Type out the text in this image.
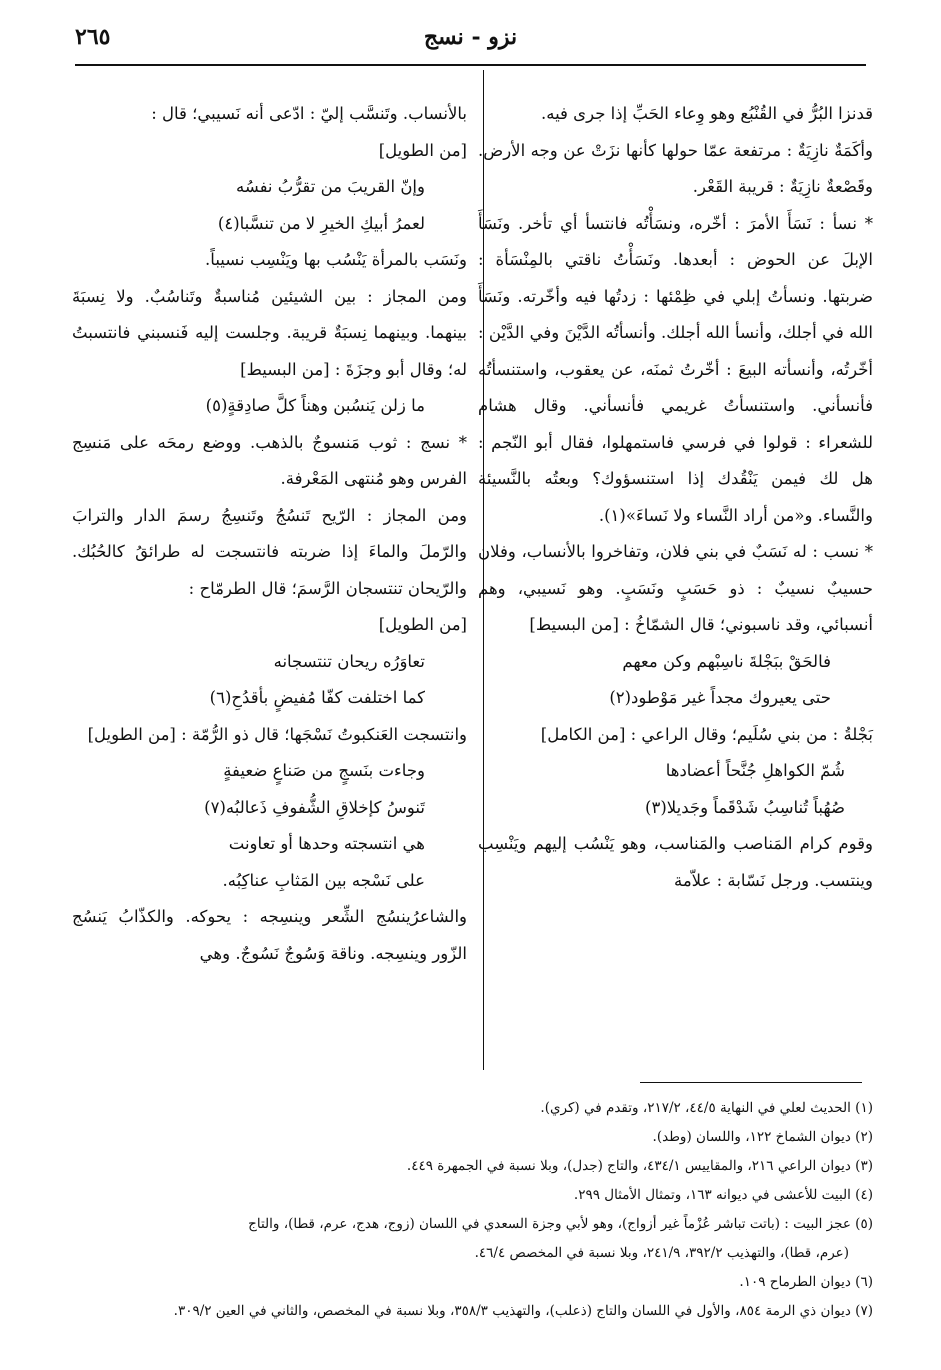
٢٦٥	نزو - نسج

قدنزا البُرُّ في القُنْبُع وهو وِعاء الحَبِّ إذا جرى فيه.

وأكَمَةٌ نازِيَةٌ : مرتفعة عمّا حولها كأنها نزَتْ عن وجه الأرض. وقَصْعةٌ نازِيَةٌ : قريبة القَعْر.

* نسأ : نَسَأَ الأمرَ : أخّره، ونسَأْتُه فانتسأ أي تأخر. ونَسَأَ الإبلَ عن الحوض : أبعدها. ونَسَأْتُ ناقتي بالمِنْسَأة : ضربتها. ونسأتُ إبلي في ظِمْئها : زدتُها فيه وأخّرته. ونَسَأَ الله في أجلك، وأنسأ الله أجلك. وأنسأتُه الدَّيْنَ وفي الدَّيْن : أخّرتُه، وأنسأته البيعَ : أخّرتُ ثمنَه، عن يعقوب، واستنسأتُه فأنسأني. واستنسأتُ غريمي فأنسأني. وقال هشام للشعراء : قولوا في فرسي فاستمهلوا، فقال أبو النّجم : هل لك فيمن يَنْقُدك إذا استنسؤوك؟ وبعتُه بالنَّسيئة والنَّساء. و«من أراد النَّساء ولا نَساءَ»(١).

* نسب : له نَسَبٌ في بني فلان، وتفاخروا بالأنساب، وفلان حسيبٌ نسيبٌ : ذو حَسَبٍ ونَسَبٍ. وهو نَسيبي، وهم أنسبائي، وقد ناسبوني؛ قال الشمّاخُ : [من البسيط]

فالحَقْ ببَجْلةَ ناسِبْهم وكن معهم

حتى يعيروك مجداً غير مَوْطود(٢)

بَجْلةُ : من بني سُلَيم؛ وقال الراعي : [من الكامل]

شُمّ الكواهلِ جُنَّحاً أعضادها

صُهُباً تُناسِبُ شَدْقَماً وجَديلا(٣)

وقوم كرام المَناصب والمَناسب، وهو يَنْسُب إليهم ويَنْسِب وينتسب. ورجل نَسّابة : علاّمة

بالأنساب. وتَنسَّب إليّ : ادّعى أنه نَسيبي؛ قال :

[من الطويل]

وإنّ القريبَ من تقرُّبُ نفسُه

لعمرُ أبيكِ الخيرِ لا من تنسَّبا(٤)

ونَسَب بالمرأة يَنْسُب بها ويَنْسِب نسيباً.

ومن المجاز : بين الشيئين مُناسبةٌ وتَناسُبٌ. ولا نِسبَةَ بينهما. وبينهما نِسبَةٌ قريبة. وجلست إليه فَنسبني فانتسبتُ له؛ وقال أبو وجزَةَ : [من البسيط]

ما زلن يَنسُبن وهناً كلَّ صادِقةٍ(٥)

* نسج : ثوب مَنسوجٌ بالذهب. ووضع رمحَه على مَنسِج الفرس وهو مُنتهى المَعْرفة.

ومن المجاز : الرّيح تَنسُجُ وتَنسِجُ رسمَ الدار والترابَ والرّملَ والماءَ إذا ضربته فانتسجت له طرائقُ كالحُبُك. والرّيحان تنتسجان الرَّسمَ؛ قال الطرمّاح :

[من الطويل]

تعاوَرُه ريحان تنتسجانه

كما اختلفت كفّا مُفيضٍ بأقدُحِ(٦)

وانتسجت العَنكبوتُ نَسْجَها؛ قال ذو الرُّمّة : [من الطويل]

وجاءت بنَسجٍ من صَناعٍ ضعيفةٍ

تَنوسُ كإخلاقِ الشُّفوفِ ذَعالبُه(٧)

هي انتسجته وحدها أو تعاونت

على نَسْجه بين المَثابِ عناكِبُه.

والشاعرُينسُج الشِّعر وينسِجه : يحوكه. والكذّابُ يَنسُج الزّور وينسِجه. وناقة وَسُوجٌ نَسُوجٌ. وهي

(١) الحديث لعلي في النهاية ٤٤/٥، ٢١٧/٢، وتقدم في (كري).

(٢) ديوان الشماخ ١٢٢، واللسان (وطد).

(٣) ديوان الراعي ٢١٦، والمقاييس ٤٣٤/١، والتاج (جدل)، وبلا نسبة في الجمهرة ٤٤٩.

(٤) البيت للأعشى في ديوانه ١٦٣، وتمثال الأمثال ٢٩٩.

(٥) عجز البيت : (باتت تباشر عُزْماً غير أزواج)، وهو لأبي وجزة السعدي في اللسان (زوج، هدج، عرم، قطا)، والتاج

(عرم، قطا)، والتهذيب ٣٩٢/٢، ٢٤١/٩، وبلا نسبة في المخصص ٤٦/٤.

(٦) ديوان الطرماح ١٠٩.

(٧) ديوان ذي الرمة ٨٥٤، والأول في اللسان والتاج (ذعلب)، والتهذيب ٣٥٨/٣، وبلا نسبة في المخصص، والثاني في العين ٣٠٩/٢.
